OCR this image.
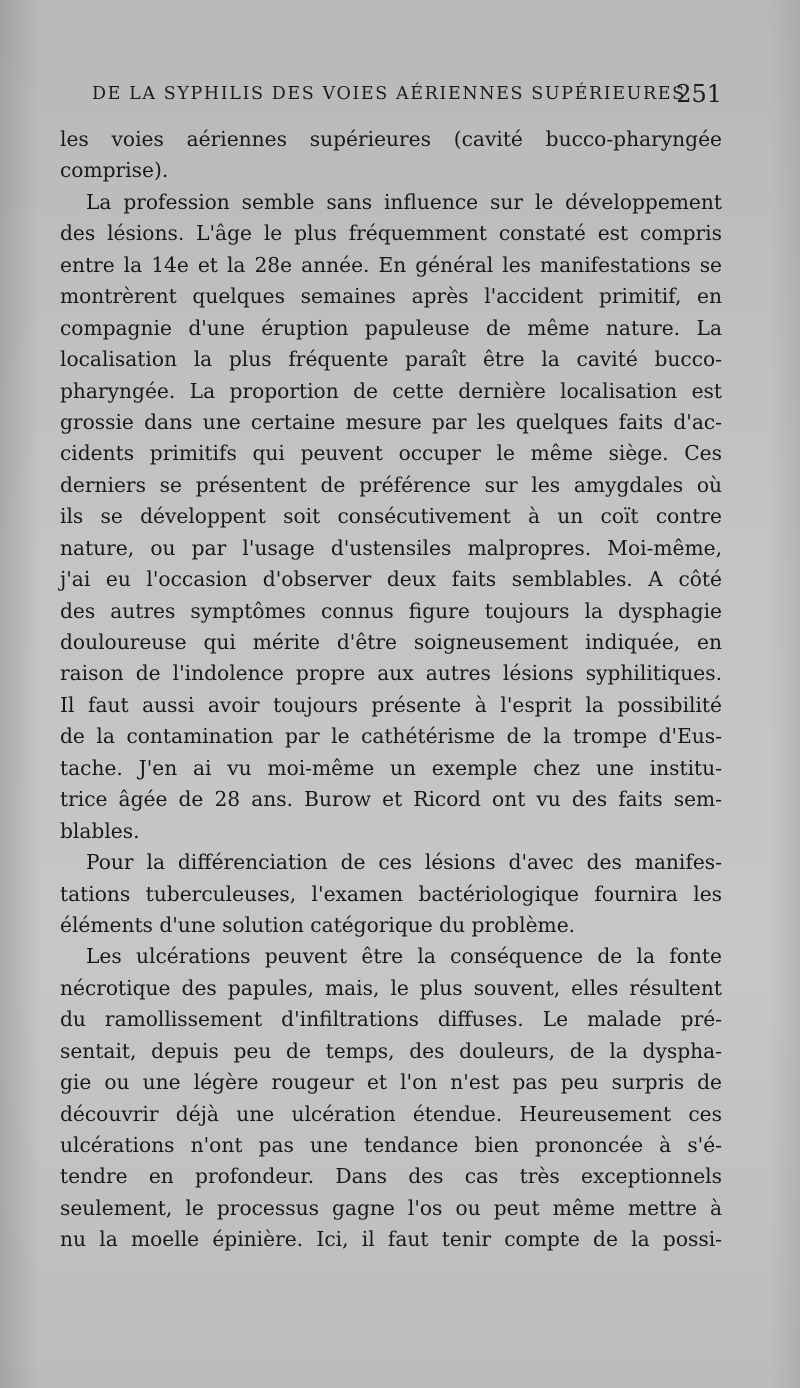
DE LA SYPHILIS DES VOIES AÉRIENNES SUPÉRIEURES
251
les voies aériennes supérieures (cavité bucco-pharyngée
comprise).
La profession semble sans influence sur le développement
des lésions. L'âge le plus fréquemment constaté est compris
entre la 14e et la 28e année. En général les manifestations se
montrèrent quelques semaines après l'accident primitif, en
compagnie d'une éruption papuleuse de même nature. La
localisation la plus fréquente paraît être la cavité bucco-
pharyngée. La proportion de cette dernière localisation est
grossie dans une certaine mesure par les quelques faits d'ac-
cidents primitifs qui peuvent occuper le même siège. Ces
derniers se présentent de préférence sur les amygdales où
ils se développent soit consécutivement à un coït contre
nature, ou par l'usage d'ustensiles malpropres. Moi-même,
j'ai eu l'occasion d'observer deux faits semblables. A côté
des autres symptômes connus figure toujours la dysphagie
douloureuse qui mérite d'être soigneusement indiquée, en
raison de l'indolence propre aux autres lésions syphilitiques.
Il faut aussi avoir toujours présente à l'esprit la possibilité
de la contamination par le cathétérisme de la trompe d'Eus-
tache. J'en ai vu moi-même un exemple chez une institu-
trice âgée de 28 ans. Burow et Ricord ont vu des faits sem-
blables.
Pour la différenciation de ces lésions d'avec des manifes-
tations tuberculeuses, l'examen bactériologique fournira les
éléments d'une solution catégorique du problème.
Les ulcérations peuvent être la conséquence de la fonte
nécrotique des papules, mais, le plus souvent, elles résultent
du ramollissement d'infiltrations diffuses. Le malade pré-
sentait, depuis peu de temps, des douleurs, de la dyspha-
gie ou une légère rougeur et l'on n'est pas peu surpris de
découvrir déjà une ulcération étendue. Heureusement ces
ulcérations n'ont pas une tendance bien prononcée à s'é-
tendre en profondeur. Dans des cas très exceptionnels
seulement, le processus gagne l'os ou peut même mettre à
nu la moelle épinière. Ici, il faut tenir compte de la possi-
